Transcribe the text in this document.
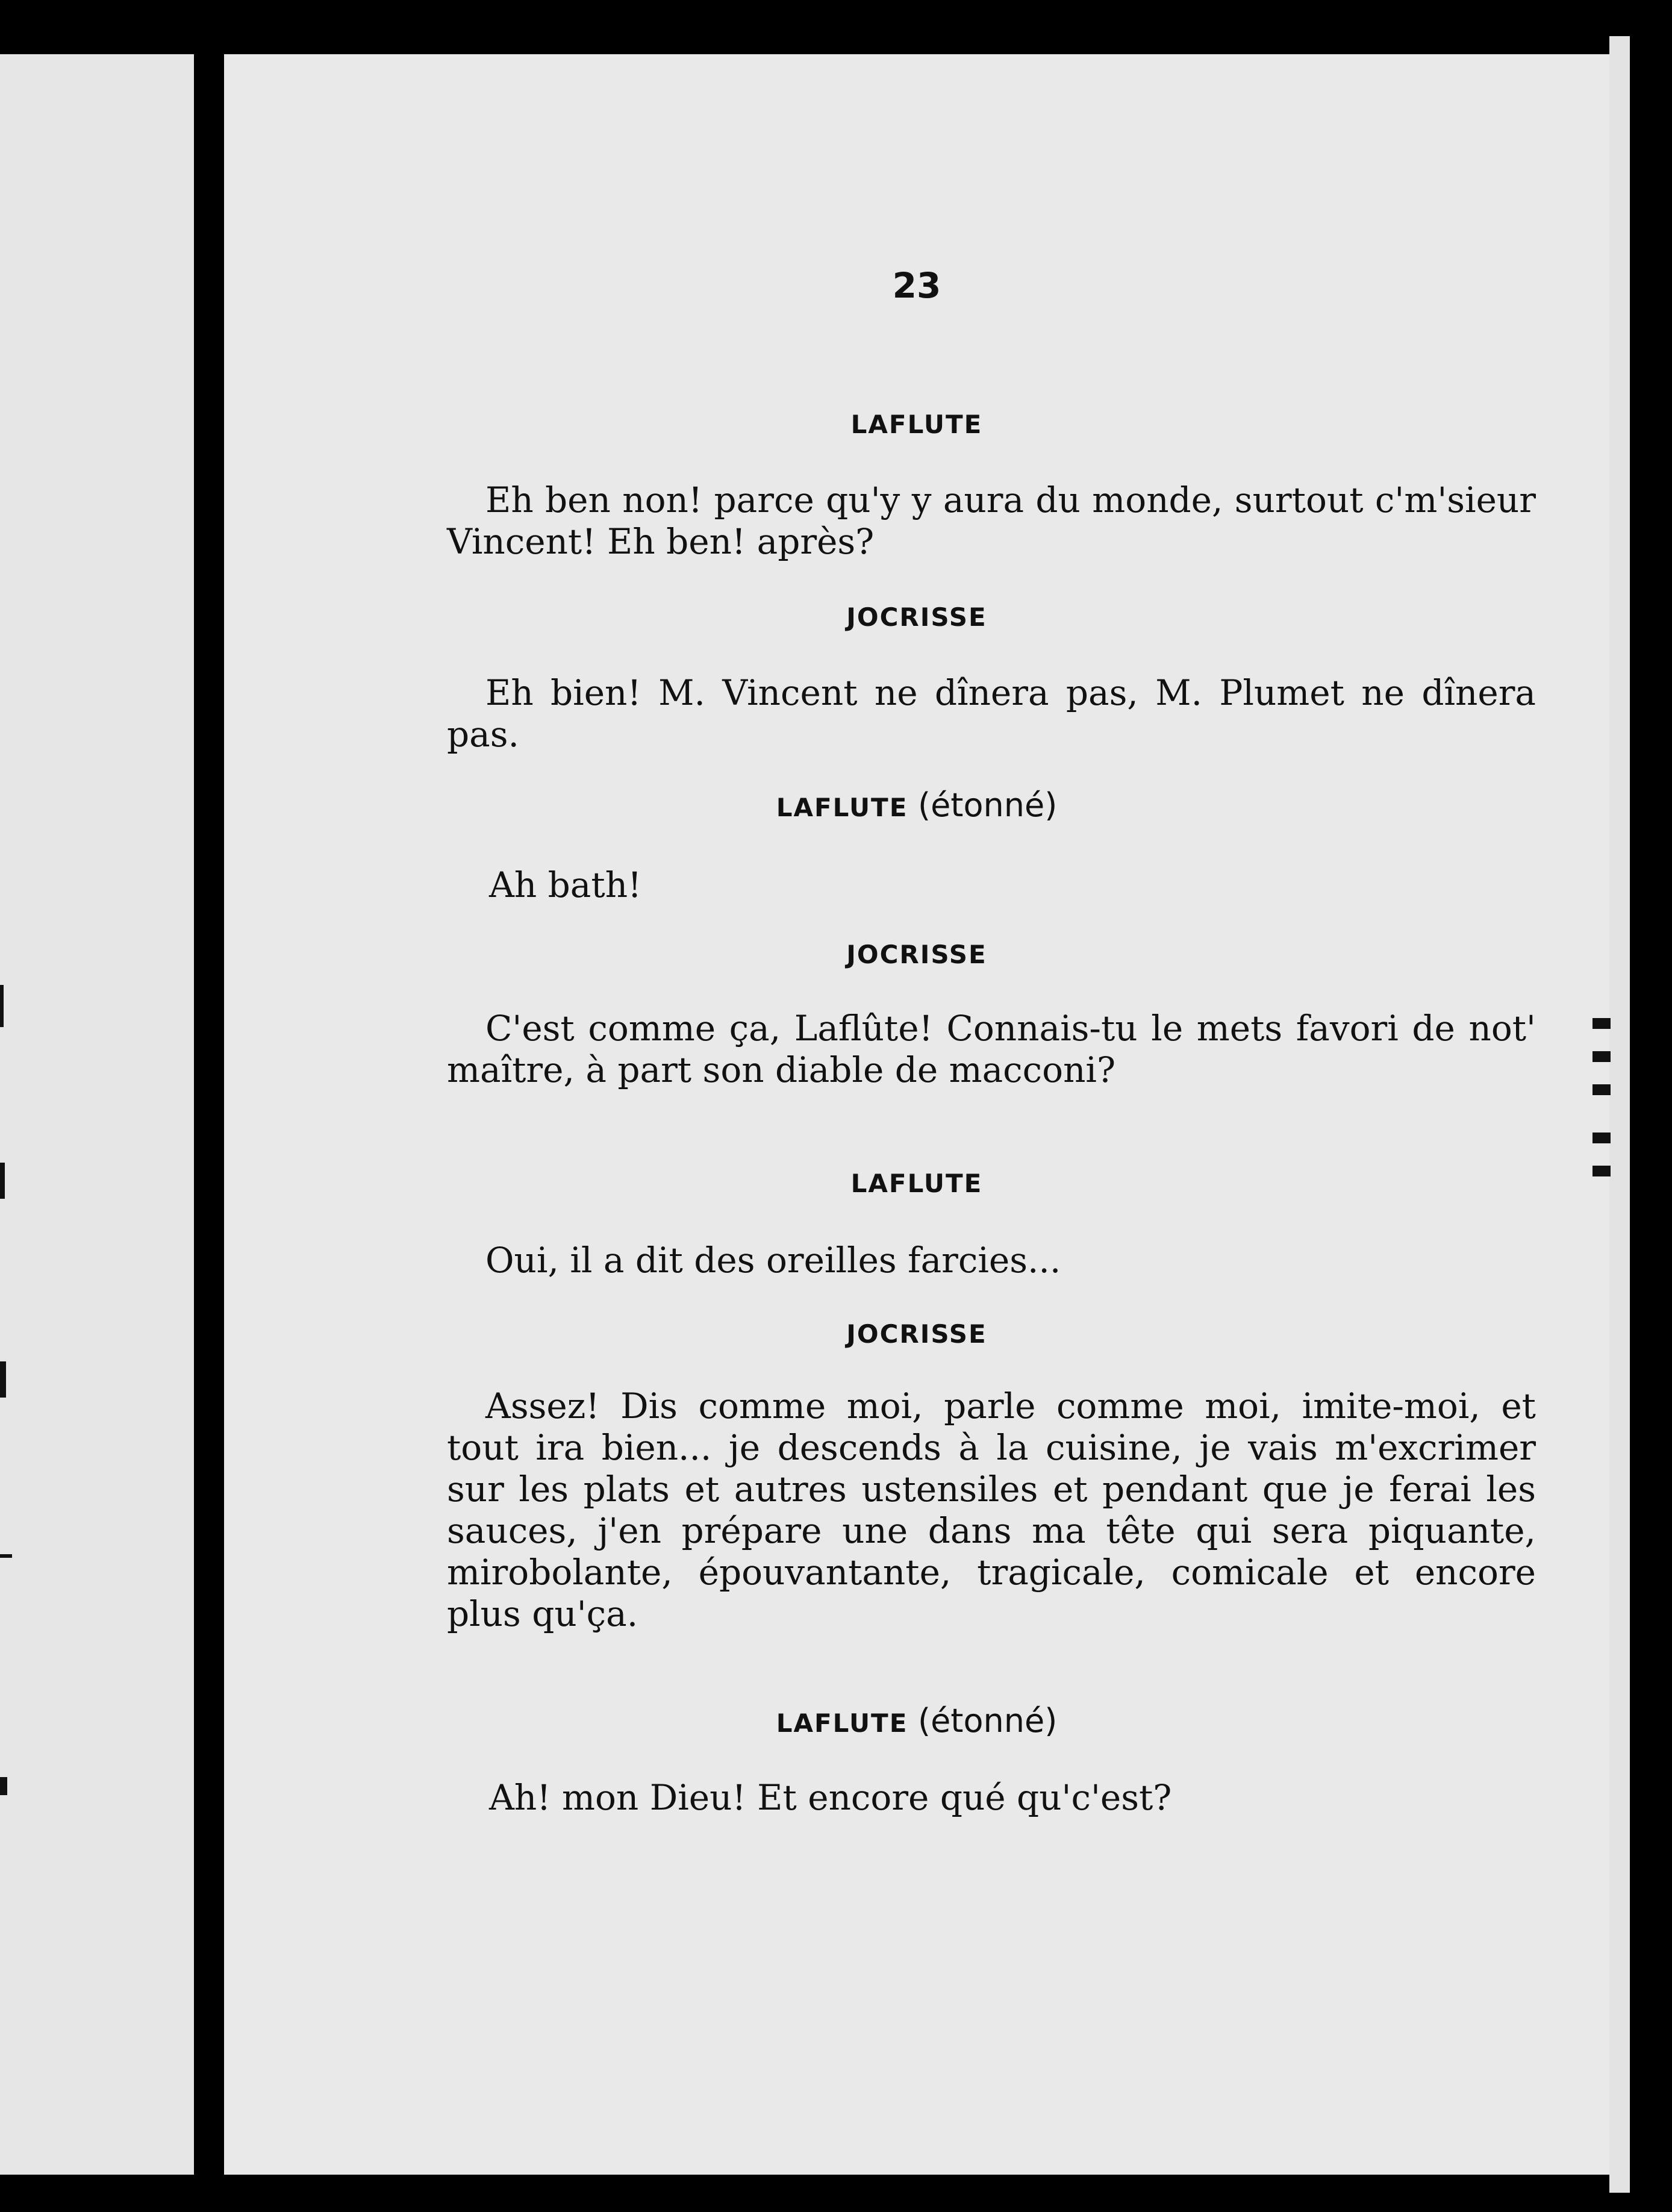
23
LAFLUTE

Eh ben non! parce qu'y y aura du monde, surtout c'm'sieur Vincent! Eh ben! après?

JOCRISSE

Eh bien! M. Vincent ne dînera pas, M. Plumet ne dînera pas.

LAFLUTE (étonné)

Ah bath!

JOCRISSE

C'est comme ça, Laflûte! Connais-tu le mets favori de not' maître, à part son diable de macconi?

LAFLUTE

Oui, il a dit des oreilles farcies...

JOCRISSE

Assez! Dis comme moi, parle comme moi, imite-moi, et tout ira bien... je descends à la cuisine, je vais m'excrimer sur les plats et autres ustensiles et pendant que je ferai les sauces, j'en prépare une dans ma tête qui sera piquante, mirobolante, épouvantante, tragicale, comicale et encore plus qu'ça.

LAFLUTE (étonné)

Ah! mon Dieu! Et encore qué qu'c'est?
